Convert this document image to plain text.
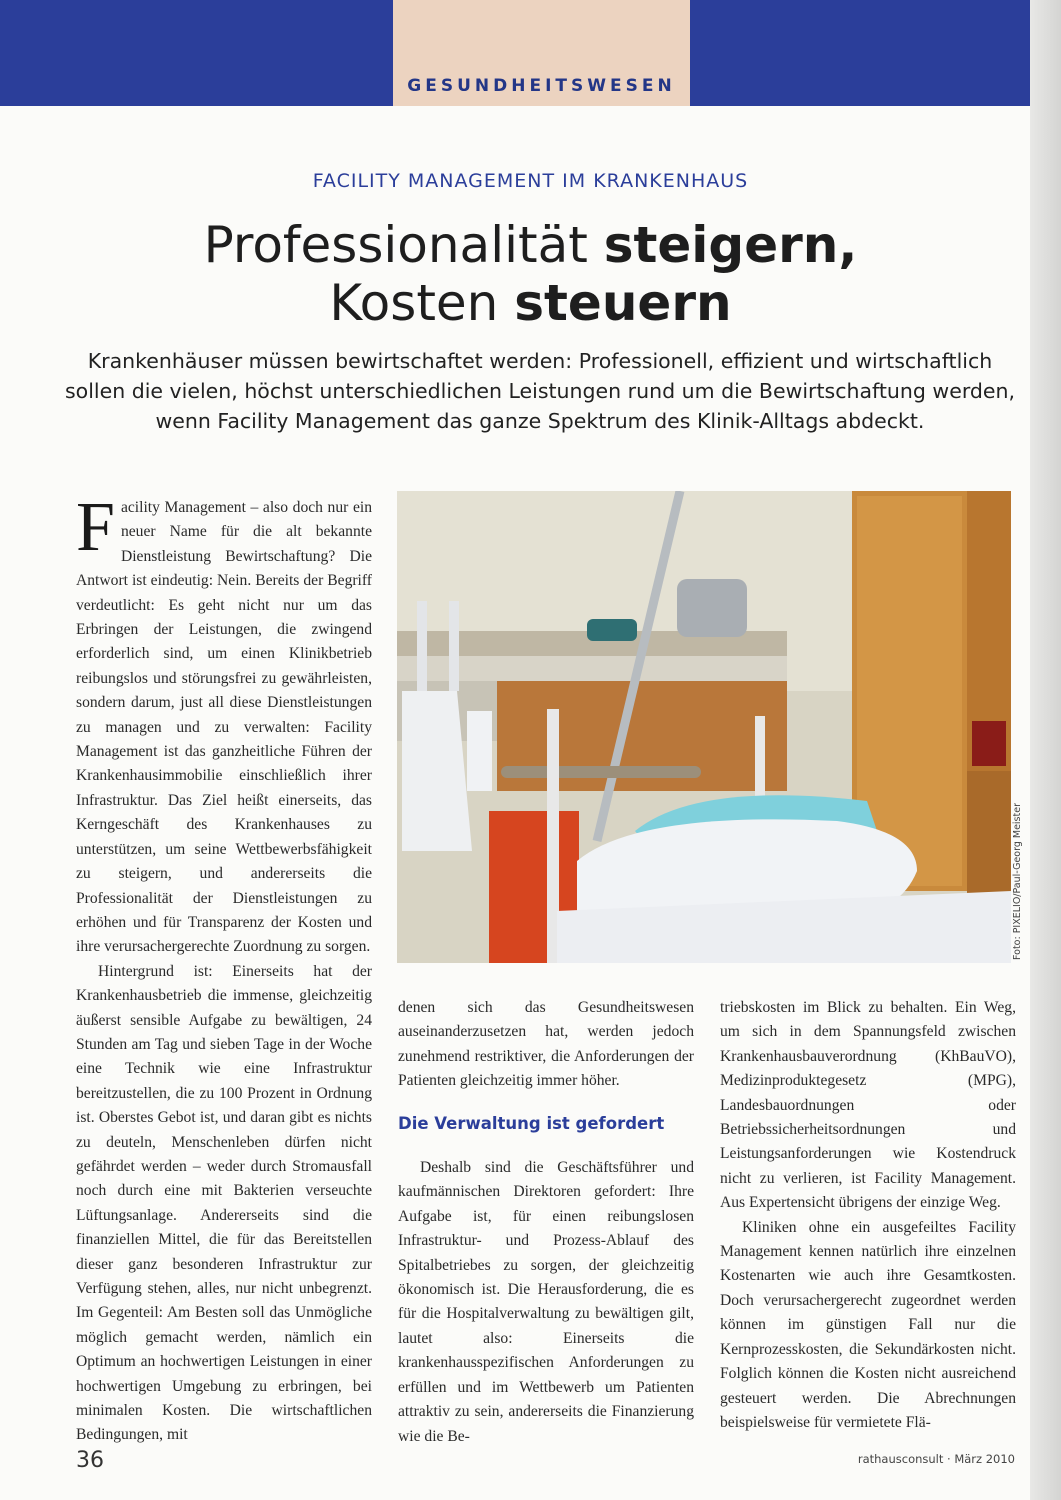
GESUNDHEITSWESEN
FACILITY MANAGEMENT IM KRANKENHAUS
Professionalität steigern,
Kosten steuern
Krankenhäuser müssen bewirtschaftet werden: Professionell, effizient und wirtschaftlich sollen die vielen, höchst unterschiedlichen Leistungen rund um die Bewirtschaftung werden, wenn Facility Management das ganze Spektrum des Klinik-Alltags abdeckt.

Facility Management – also doch nur ein neuer Name für die alt bekannte Dienstleistung Bewirtschaftung? Die Antwort ist eindeutig: Nein. Bereits der Begriff verdeutlicht: Es geht nicht nur um das Erbringen der Leistungen, die zwingend erforderlich sind, um einen Klinikbetrieb reibungslos und störungsfrei zu gewährleisten, sondern darum, just all diese Dienstleistungen zu managen und zu verwalten: Facility Management ist das ganzheitliche Führen der Krankenhausimmobilie einschließlich ihrer Infrastruktur. Das Ziel heißt einerseits, das Kerngeschäft des Krankenhauses zu unterstützen, um seine Wettbewerbsfähigkeit zu steigern, und andererseits die Professionalität der Dienstleistungen zu erhöhen und für Transparenz der Kosten und ihre verursachergerechte Zuordnung zu sorgen.

Hintergrund ist: Einerseits hat der Krankenhausbetrieb die immense, gleichzeitig äußerst sensible Aufgabe zu bewältigen, 24 Stunden am Tag und sieben Tage in der Woche eine Technik wie eine Infrastruktur bereitzustellen, die zu 100 Prozent in Ordnung ist. Oberstes Gebot ist, und daran gibt es nichts zu deuteln, Menschenleben dürfen nicht gefährdet werden – weder durch Stromausfall noch durch eine mit Bakterien verseuchte Lüftungsanlage. Andererseits sind die finanziellen Mittel, die für das Bereitstellen dieser ganz besonderen Infrastruktur zur Verfügung stehen, alles, nur nicht unbegrenzt. Im Gegenteil: Am Besten soll das Unmögliche möglich gemacht werden, nämlich ein Optimum an hochwertigen Leistungen in einer hochwertigen Umgebung zu erbringen, bei minimalen Kosten. Die wirtschaftlichen Bedingungen, mit

Foto: PIXELIO/Paul-Georg Meister

denen sich das Gesundheitswesen auseinanderzusetzen hat, werden jedoch zunehmend restriktiver, die Anforderungen der Patienten gleichzeitig immer höher.

Die Verwaltung ist gefordert

Deshalb sind die Geschäftsführer und kaufmännischen Direktoren gefordert: Ihre Aufgabe ist, für einen reibungslosen Infrastruktur- und Prozess-Ablauf des Spitalbetriebes zu sorgen, der gleichzeitig ökonomisch ist. Die Herausforderung, die es für die Hospitalverwaltung zu bewältigen gilt, lautet also: Einerseits die krankenhausspezifischen Anforderungen zu erfüllen und im Wettbewerb um Patienten attraktiv zu sein, andererseits die Finanzierung wie die Be-

triebskosten im Blick zu behalten. Ein Weg, um sich in dem Spannungsfeld zwischen Krankenhausbauverordnung (KhBauVO), Medizinproduktegesetz (MPG), Landesbauordnungen oder Betriebssicherheitsordnungen und Leistungsanforderungen wie Kostendruck nicht zu verlieren, ist Facility Management. Aus Expertensicht übrigens der einzige Weg.

Kliniken ohne ein ausgefeiltes Facility Management kennen natürlich ihre einzelnen Kostenarten wie auch ihre Gesamtkosten. Doch verursachergerecht zugeordnet werden können im günstigen Fall nur die Kernprozesskosten, die Sekundärkosten nicht. Folglich können die Kosten nicht ausreichend gesteuert werden. Die Abrechnungen beispielsweise für vermietete Flä-

36	rathausconsult · März 2010
